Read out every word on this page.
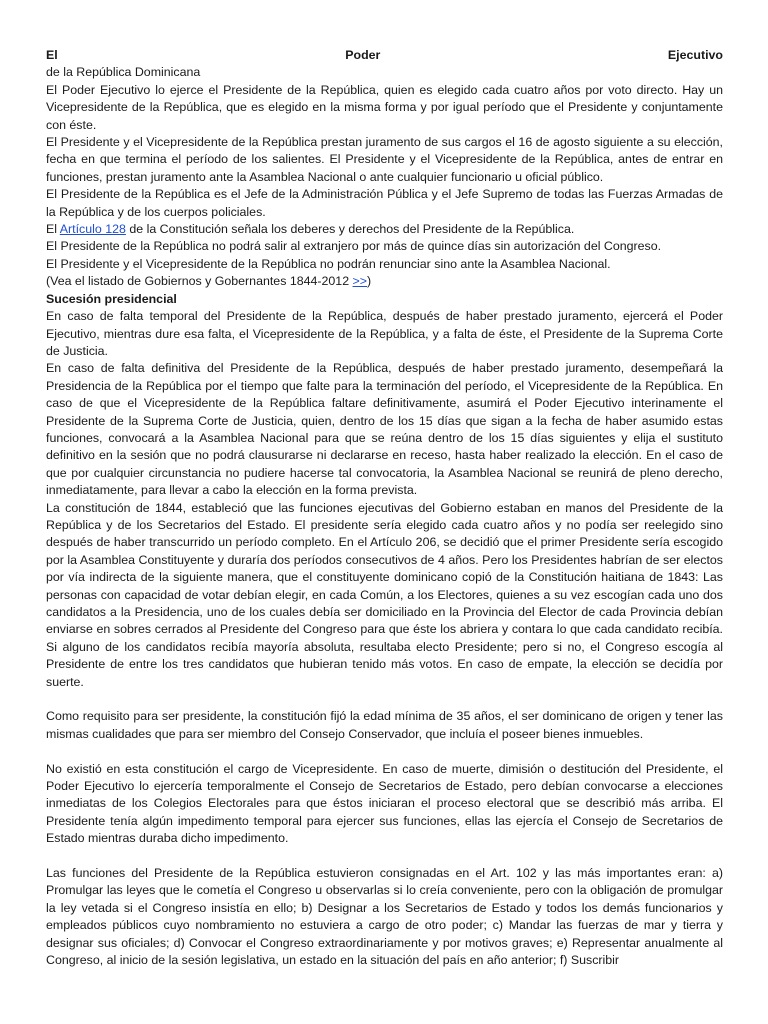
El	Poder	Ejecutivo

de la República Dominicana

El Poder Ejecutivo lo ejerce el Presidente de la República, quien es elegido cada cuatro años por voto directo. Hay un Vicepresidente de la República, que es elegido en la misma forma y por igual período que el Presidente y conjuntamente con éste.

El Presidente y el Vicepresidente de la República prestan juramento de sus cargos el 16 de agosto siguiente a su elección, fecha en que termina el período de los salientes. El Presidente y el Vicepresidente de la República, antes de entrar en funciones, prestan juramento ante la Asamblea Nacional o ante cualquier funcionario u oficial público.

El Presidente de la República es el Jefe de la Administración Pública y el Jefe Supremo de todas las Fuerzas Armadas de la República y de los cuerpos policiales.

El Artículo 128 de la Constitución señala los deberes y derechos del Presidente de la República.

El Presidente de la República no podrá salir al extranjero por más de quince días sin autorización del Congreso.

El Presidente y el Vicepresidente de la República no podrán renunciar sino ante la Asamblea Nacional.

(Vea el listado de Gobiernos y Gobernantes 1844-2012 >>)

Sucesión presidencial

En caso de falta temporal del Presidente de la República, después de haber prestado juramento, ejercerá el Poder Ejecutivo, mientras dure esa falta, el Vicepresidente de la República, y a falta de éste, el Presidente de la Suprema Corte de Justicia.

En caso de falta definitiva del Presidente de la República, después de haber prestado juramento, desempeñará la Presidencia de la República por el tiempo que falte para la terminación del período, el Vicepresidente de la República. En caso de que el Vicepresidente de la República faltare definitivamente, asumirá el Poder Ejecutivo interinamente el Presidente de la Suprema Corte de Justicia, quien, dentro de los 15 días que sigan a la fecha de haber asumido estas funciones, convocará a la Asamblea Nacional para que se reúna dentro de los 15 días siguientes y elija el sustituto definitivo en la sesión que no podrá clausurarse ni declararse en receso, hasta haber realizado la elección. En el caso de que por cualquier circunstancia no pudiere hacerse tal convocatoria, la Asamblea Nacional se reunirá de pleno derecho, inmediatamente, para llevar a cabo la elección en la forma prevista.

La constitución de 1844, estableció que las funciones ejecutivas del Gobierno estaban en manos del Presidente de la República y de los Secretarios del Estado. El presidente sería elegido cada cuatro años y no podía ser reelegido sino después de haber transcurrido un período completo. En el Artículo 206, se decidió que el primer Presidente sería escogido por la Asamblea Constituyente y duraría dos períodos consecutivos de 4 años. Pero los Presidentes habrían de ser electos por vía indirecta de la siguiente manera, que el constituyente dominicano copió de la Constitución haitiana de 1843: Las personas con capacidad de votar debían elegir, en cada Común, a los Electores, quienes a su vez escogían cada uno dos candidatos a la Presidencia, uno de los cuales debía ser domiciliado en la Provincia del Elector de cada Provincia debían enviarse en sobres cerrados al Presidente del Congreso para que éste los abriera y contara lo que cada candidato recibía. Si alguno de los candidatos recibía mayoría absoluta, resultaba electo Presidente; pero si no, el Congreso escogía al Presidente de entre los tres candidatos que hubieran tenido más votos. En caso de empate, la elección se decidía por suerte.

Como requisito para ser presidente, la constitución fijó la edad mínima de 35 años, el ser dominicano de origen y tener las mismas cualidades que para ser miembro del Consejo Conservador, que incluía el poseer bienes inmuebles.

No existió en esta constitución el cargo de Vicepresidente. En caso de muerte, dimisión o destitución del Presidente, el Poder Ejecutivo lo ejercería temporalmente el Consejo de Secretarios de Estado, pero debían convocarse a elecciones inmediatas de los Colegios Electorales para que éstos iniciaran el proceso electoral que se describió más arriba. El Presidente tenía algún impedimento temporal para ejercer sus funciones, ellas las ejercía el Consejo de Secretarios de Estado mientras duraba dicho impedimento.

Las funciones del Presidente de la República estuvieron consignadas en el Art. 102 y las más importantes eran: a) Promulgar las leyes que le cometía el Congreso u observarlas si lo creía conveniente, pero con la obligación de promulgar la ley vetada si el Congreso insistía en ello; b) Designar a los Secretarios de Estado y todos los demás funcionarios y empleados públicos cuyo nombramiento no estuviera a cargo de otro poder; c) Mandar las fuerzas de mar y tierra y designar sus oficiales; d) Convocar el Congreso extraordinariamente y por motivos graves; e) Representar anualmente al Congreso, al inicio de la sesión legislativa, un estado en la situación del país en año anterior; f) Suscribir
